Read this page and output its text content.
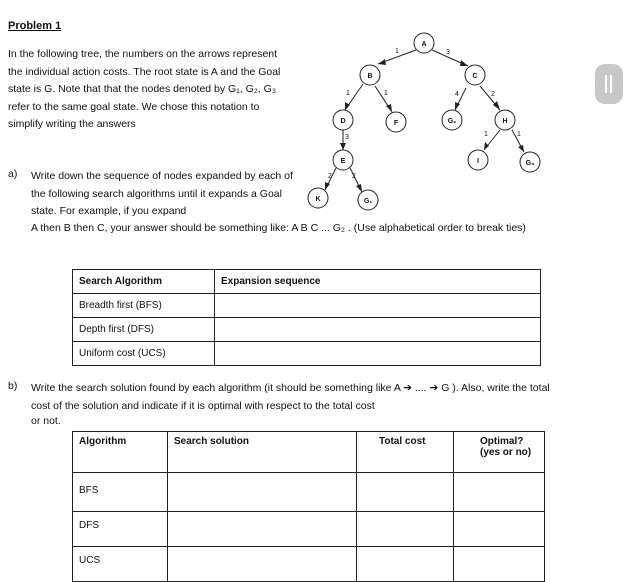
Problem 1
In the following tree, the numbers on the arrows represent the individual action costs. The root state is A and the Goal state is G. Note that that the nodes denoted by G₁, G₂, G₃ refer to the same goal state. We chose this notation to simplify writing the answers
A
B	C
D	F	G₂	H
E	I	G₃
K	G₁
1	3
1	1	4	2
3	1	1
2	2
a) Write down the sequence of nodes expanded by each of the following search algorithms until it expands a Goal state. For example, if you expand
A then B then C, your answer should be something like: A B C ... G₂ . (Use alphabetical order to break ties)
Search Algorithm	Expansion sequence
Breadth first (BFS)	
Depth first (DFS)	
Uniform cost (UCS)	
b) Write the search solution found by each algorithm (it should be something like A ➔ .... ➔ G ). Also, write the total cost of the solution and indicate if it is optimal with respect to the total cost
or not.
Algorithm	Search solution	Total cost	Optimal? (yes or no)
BFS			
DFS			
UCS			
